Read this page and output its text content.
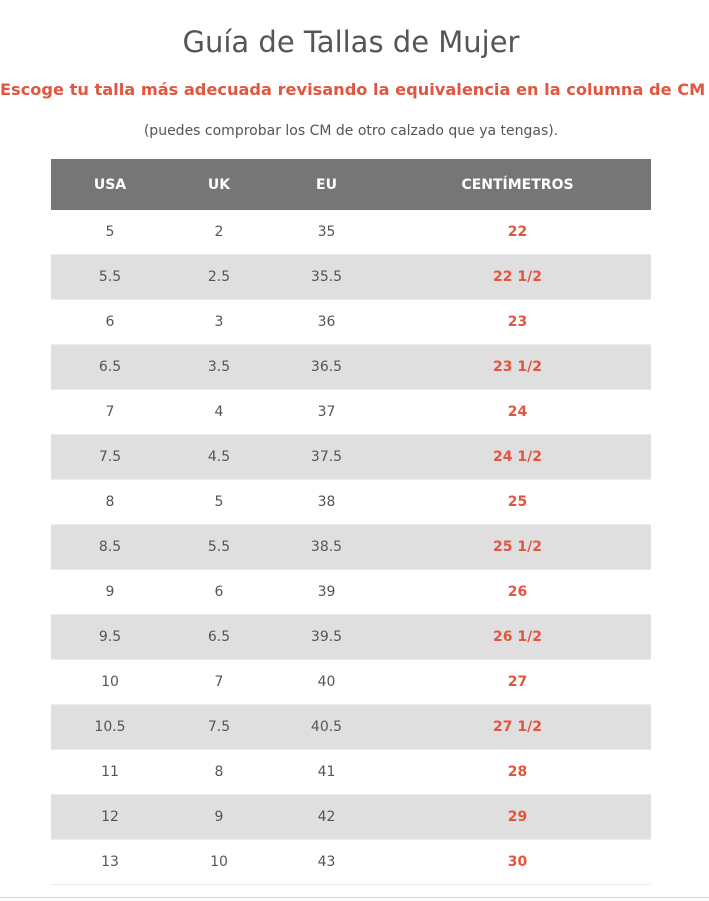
Guía de Tallas de Mujer

Escoge tu talla más adecuada revisando la equivalencia en la columna de CM

(puedes comprobar los CM de otro calzado que ya tengas).

USA	UK	EU	CENTÍMETROS
5	2	35	22
5.5	2.5	35.5	22 1/2
6	3	36	23
6.5	3.5	36.5	23 1/2
7	4	37	24
7.5	4.5	37.5	24 1/2
8	5	38	25
8.5	5.5	38.5	25 1/2
9	6	39	26
9.5	6.5	39.5	26 1/2
10	7	40	27
10.5	7.5	40.5	27 1/2
11	8	41	28
12	9	42	29
13	10	43	30
